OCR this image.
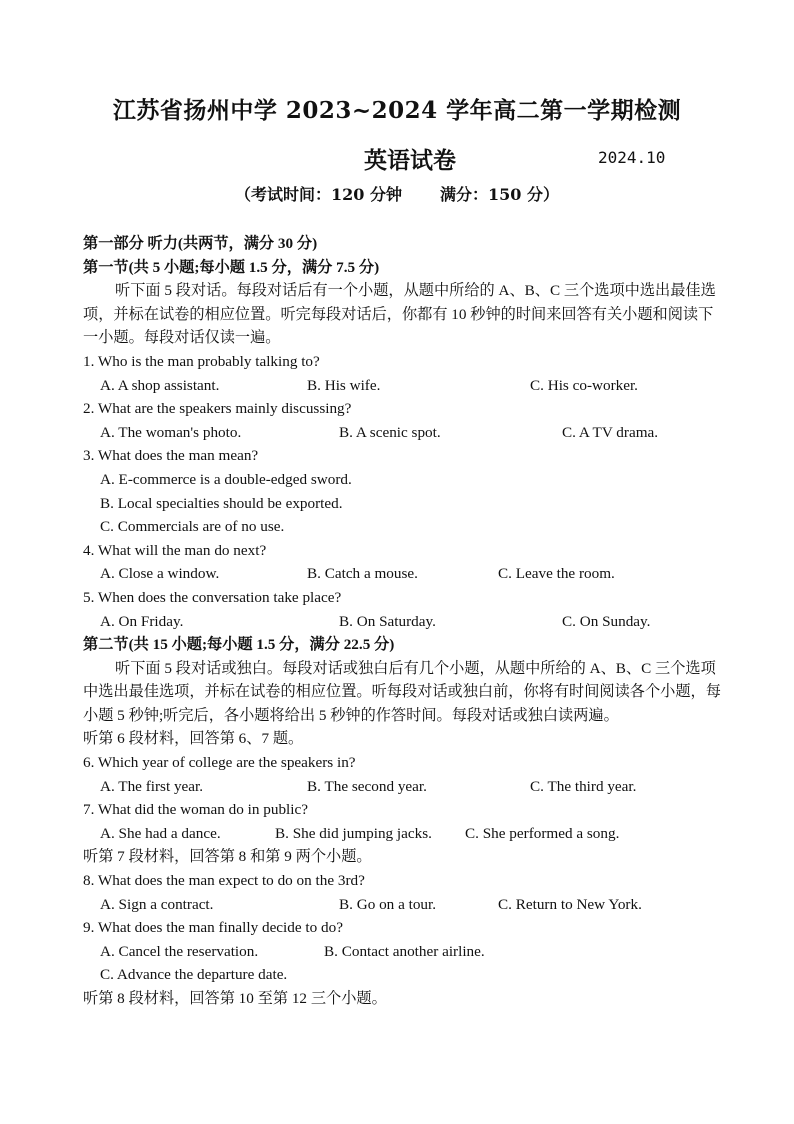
江苏省扬州中学 2023~2024 学年高二第一学期检测
英语试卷	2024.10
（考试时间：120 分钟 满分：150 分）
第一部分 听力(共两节，满分 30 分)
第一节(共 5 小题;每小题 1.5 分，满分 7.5 分)
听下面 5 段对话。每段对话后有一个小题，从题中所给的 A、B、C 三个选项中选出最佳选项，并标在试卷的相应位置。听完每段对话后，你都有 10 秒钟的时间来回答有关小题和阅读下一小题。每段对话仅读一遍。
1. Who is the man probably talking to?
A. A shop assistant.	B. His wife.	C. His co-worker.
2. What are the speakers mainly discussing?
A. The woman's photo.	B. A scenic spot.	C. A TV drama.
3. What does the man mean?
A. E-commerce is a double-edged sword.
B. Local specialties should be exported.
C. Commercials are of no use.
4. What will the man do next?
A. Close a window.	B. Catch a mouse.	C. Leave the room.
5. When does the conversation take place?
A. On Friday.	B. On Saturday.	C. On Sunday.
第二节(共 15 小题;每小题 1.5 分，满分 22.5 分)
听下面 5 段对话或独白。每段对话或独白后有几个小题，从题中所给的 A、B、C 三个选项中选出最佳选项，并标在试卷的相应位置。听每段对话或独白前，你将有时间阅读各个小题，每小题 5 秒钟;听完后，各小题将给出 5 秒钟的作答时间。每段对话或独白读两遍。
听第 6 段材料，回答第 6、7 题。
6. Which year of college are the speakers in?
A. The first year.	B. The second year.	C. The third year.
7. What did the woman do in public?
A. She had a dance.	B. She did jumping jacks. C. She performed a song.
听第 7 段材料，回答第 8 和第 9 两个小题。
8. What does the man expect to do on the 3rd?
A. Sign a contract.	B. Go on a tour.	C. Return to New York.
9. What does the man finally decide to do?
A. Cancel the reservation.	B. Contact another airline.
C. Advance the departure date.
听第 8 段材料，回答第 10 至第 12 三个小题。
